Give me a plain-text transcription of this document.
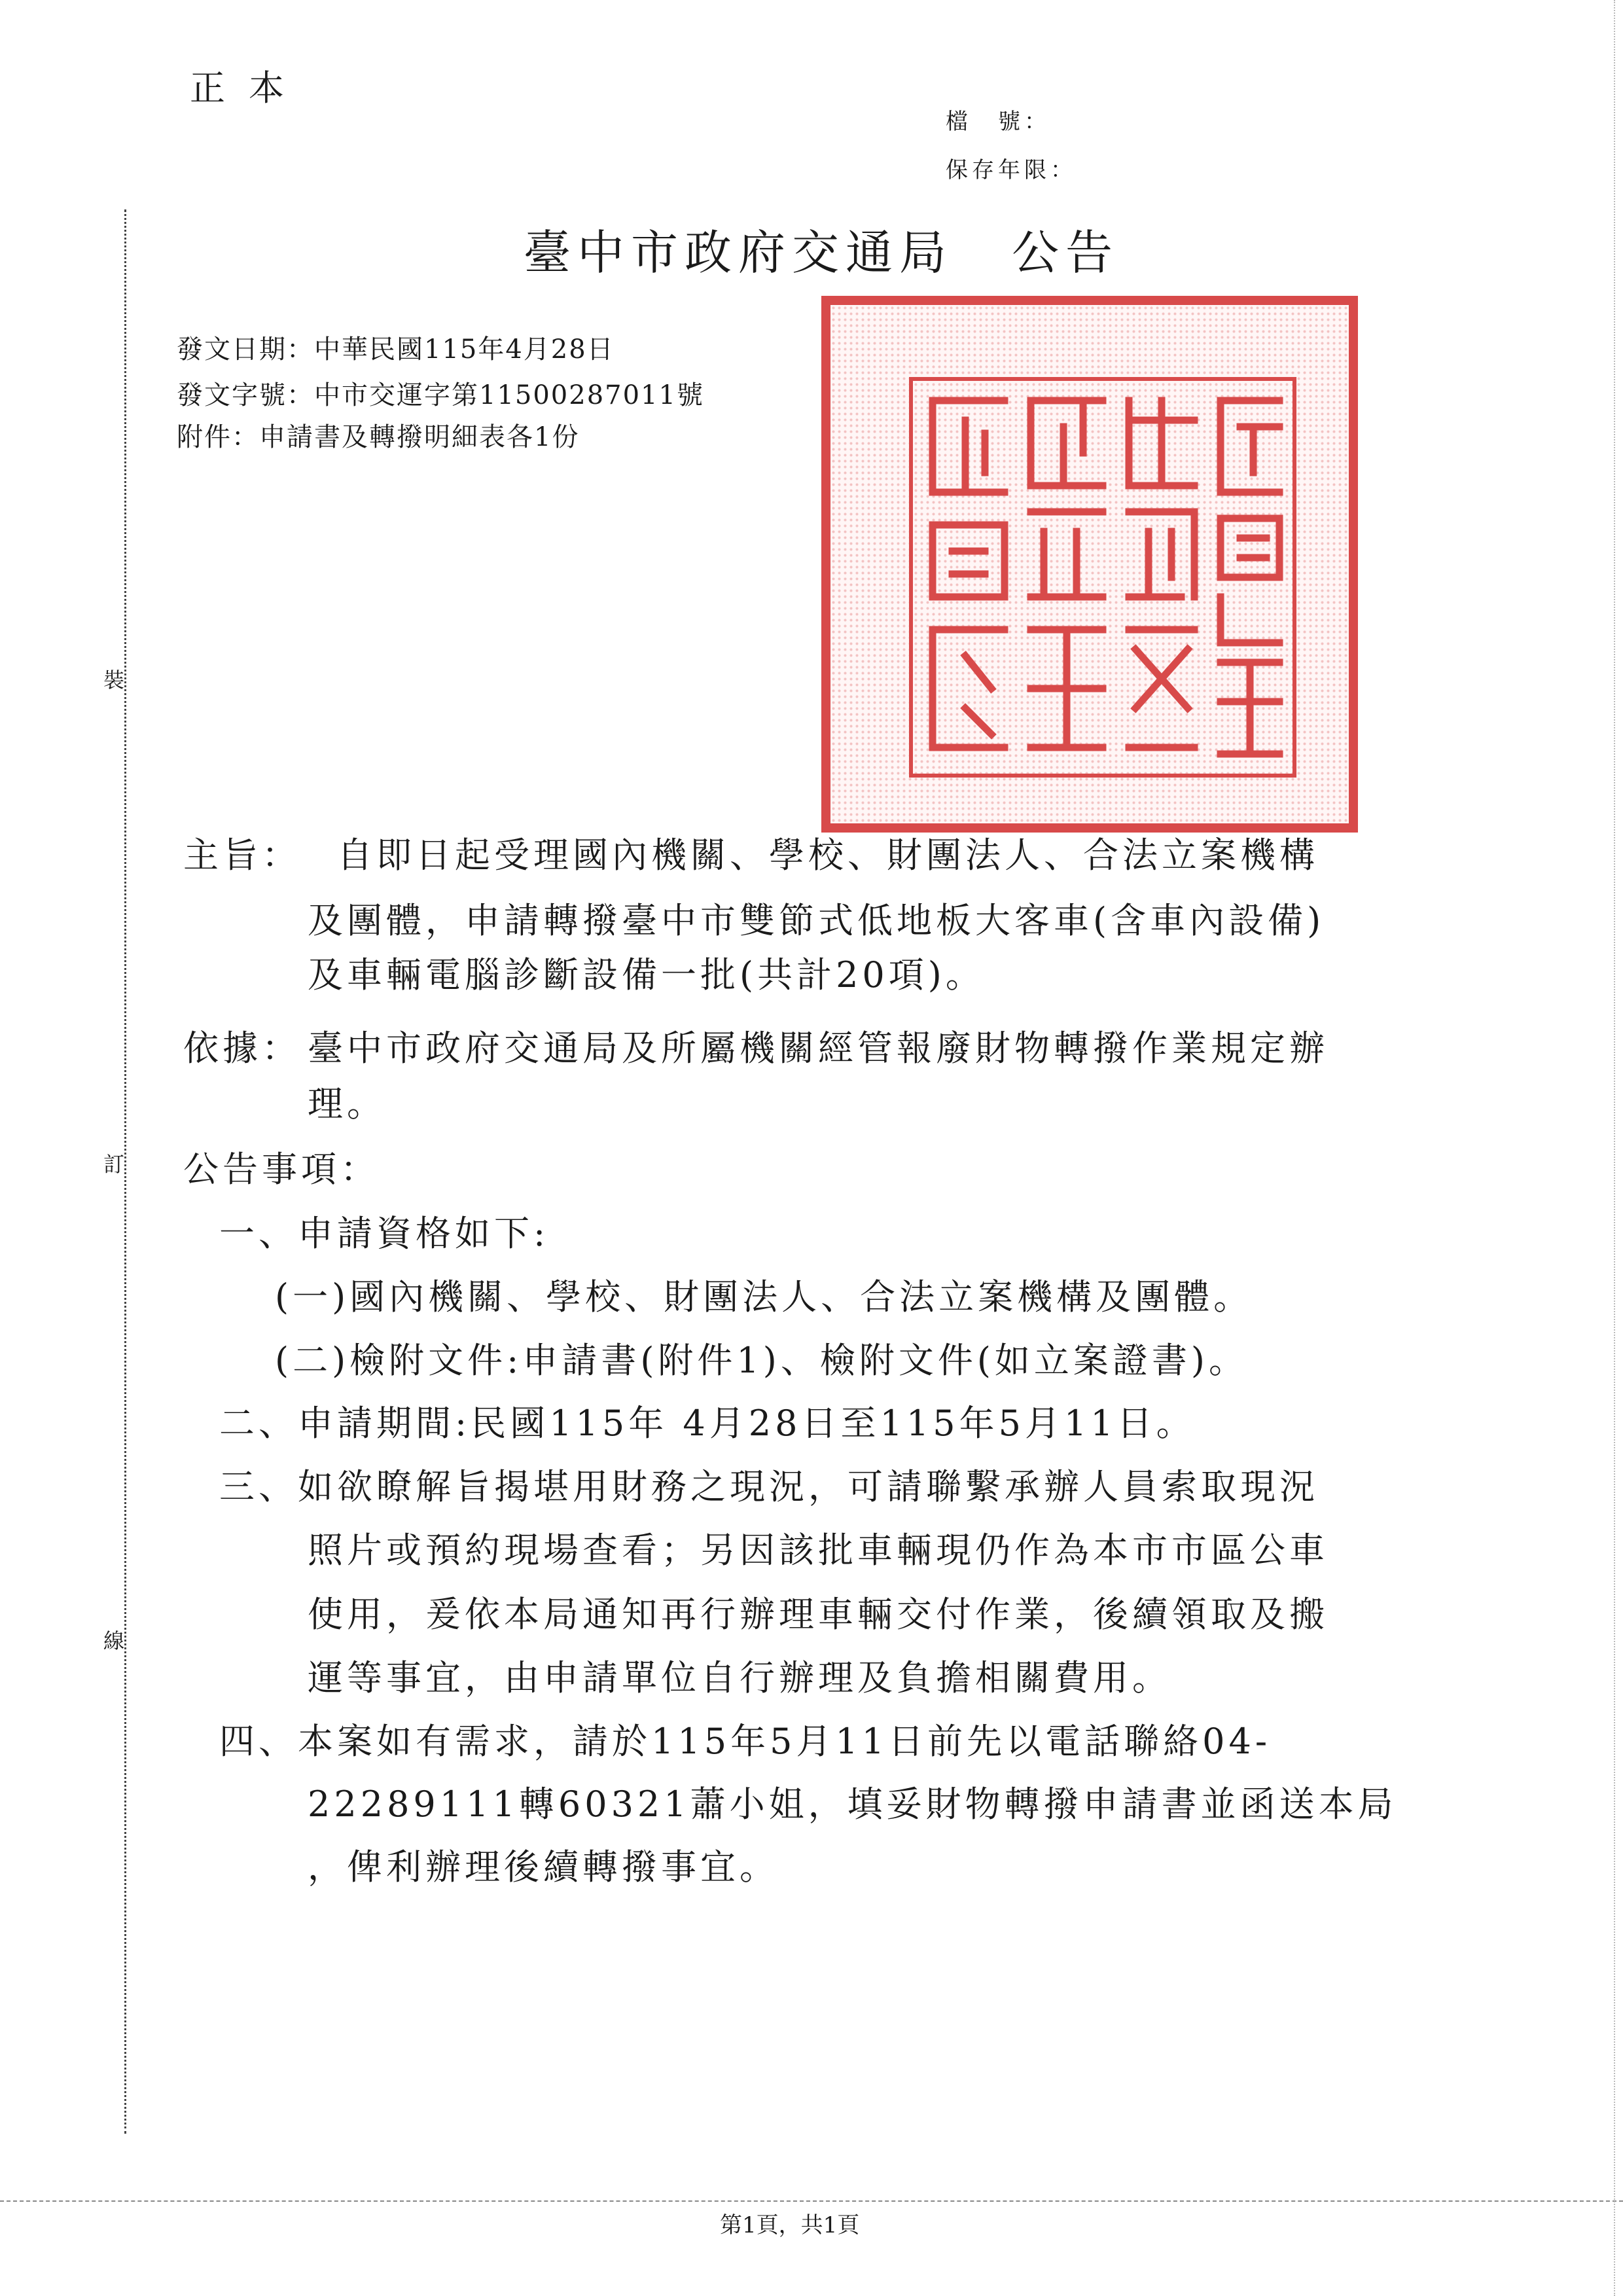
正本
檔　號：
保存年限：
裝
訂
線
臺中市政府交通局 公告
發文日期：中華民國115年4月28日
發文字號：中市交運字第11500287011號
附件：申請書及轉撥明細表各1份
主旨： 自即日起受理國內機關、學校、財團法人、合法立案機構
及團體，申請轉撥臺中市雙節式低地板大客車(含車內設備)
及車輛電腦診斷設備一批(共計20項)。
依據： 臺中市政府交通局及所屬機關經管報廢財物轉撥作業規定辦
理。
公告事項：
一、申請資格如下:
(一)國內機關、學校、財團法人、合法立案機構及團體。
(二)檢附文件:申請書(附件1)、檢附文件(如立案證書)。
二、申請期間:民國115年 4月28日至115年5月11日。
三、如欲瞭解旨揭堪用財務之現況，可請聯繫承辦人員索取現況
照片或預約現場查看；另因該批車輛現仍作為本市市區公車
使用，爰依本局通知再行辦理車輛交付作業，後續領取及搬
運等事宜，由申請單位自行辦理及負擔相關費用。
四、本案如有需求，請於115年5月11日前先以電話聯絡04-
22289111轉60321蕭小姐，填妥財物轉撥申請書並函送本局
，俾利辦理後續轉撥事宜。
第1頁，共1頁
